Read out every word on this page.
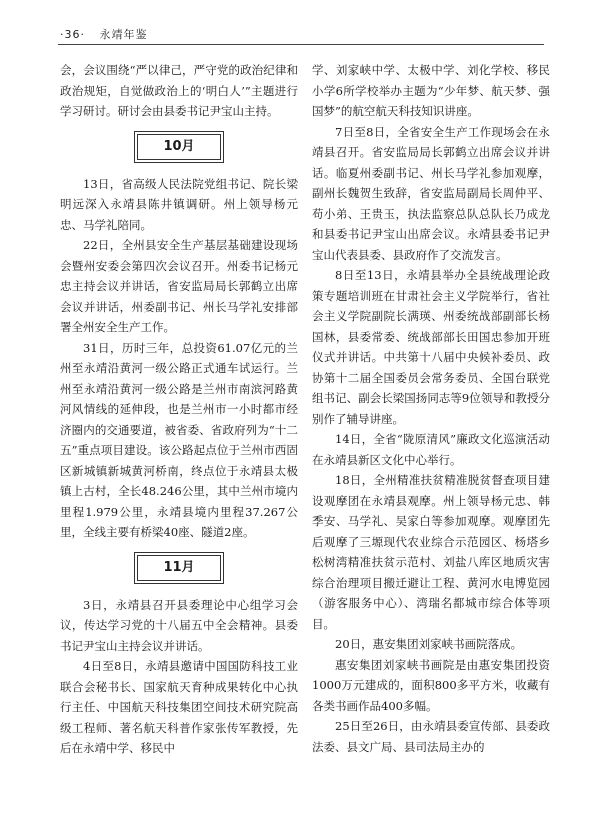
·36· 永靖年鉴

会，会议围绕“严以律己，严守党的政治纪律和政治规矩，自觉做政治上的‘明白人’”主题进行学习研讨。研讨会由县委书记尹宝山主持。

10月

13日，省高级人民法院党组书记、院长梁明远深入永靖县陈井镇调研。州上领导杨元忠、马学礼陪同。

22日，全州县安全生产基层基础建设现场会暨州安委会第四次会议召开。州委书记杨元忠主持会议并讲话，省安监局局长郭鹤立出席会议并讲话，州委副书记、州长马学礼安排部署全州安全生产工作。

31日，历时三年，总投资61.07亿元的兰州至永靖沿黄河一级公路正式通车试运行。兰州至永靖沿黄河一级公路是兰州市南滨河路黄河风情线的延伸段，也是兰州市一小时都市经济圈内的交通要道，被省委、省政府列为“十二五”重点项目建设。该公路起点位于兰州市西固区新城镇新城黄河桥南，终点位于永靖县太极镇上古村，全长48.246公里，其中兰州市境内里程1.979公里，永靖县境内里程37.267公里，全线主要有桥梁40座、隧道2座。

11月

3日，永靖县召开县委理论中心组学习会议，传达学习党的十八届五中全会精神。县委书记尹宝山主持会议并讲话。

4日至8日，永靖县邀请中国国防科技工业联合会秘书长、国家航天育种成果转化中心执行主任、中国航天科技集团空间技术研究院高级工程师、著名航天科普作家张传军教授，先后在永靖中学、移民中

学、刘家峡中学、太极中学、刘化学校、移民小学6所学校举办主题为“少年梦、航天梦、强国梦”的航空航天科技知识讲座。

7日至8日，全省安全生产工作现场会在永靖县召开。省安监局局长郭鹤立出席会议并讲话。临夏州委副书记、州长马学礼参加观摩，副州长魏贺生致辞，省安监局副局长周仲平、苟小弟、王贵玉，执法监察总队总队长乃成龙和县委书记尹宝山出席会议。永靖县委书记尹宝山代表县委、县政府作了交流发言。

8日至13日，永靖县举办全县统战理论政策专题培训班在甘肃社会主义学院举行，省社会主义学院副院长满瑛、州委统战部副部长杨国林，县委常委、统战部部长田国忠参加开班仪式并讲话。中共第十八届中央候补委员、政协第十二届全国委员会常务委员、全国台联党组书记、副会长梁国扬同志等9位领导和教授分别作了辅导讲座。

14日，全省“陇原清风”廉政文化巡演活动在永靖县新区文化中心举行。

18日，全州精准扶贫精准脱贫督查项目建设观摩团在永靖县观摩。州上领导杨元忠、韩季安、马学礼、吴家白等参加观摩。观摩团先后观摩了三塬现代农业综合示范园区、杨塔乡松树湾精准扶贫示范村、刘盐八库区地质灾害综合治理项目搬迁避让工程、黄河水电博览园（游客服务中心）、湾瑞名都城市综合体等项目。

20日，惠安集团刘家峡书画院落成。

惠安集团刘家峡书画院是由惠安集团投资1000万元建成的，面积800多平方米，收藏有各类书画作品400多幅。

25日至26日，由永靖县委宣传部、县委政法委、县文广局、县司法局主办的
